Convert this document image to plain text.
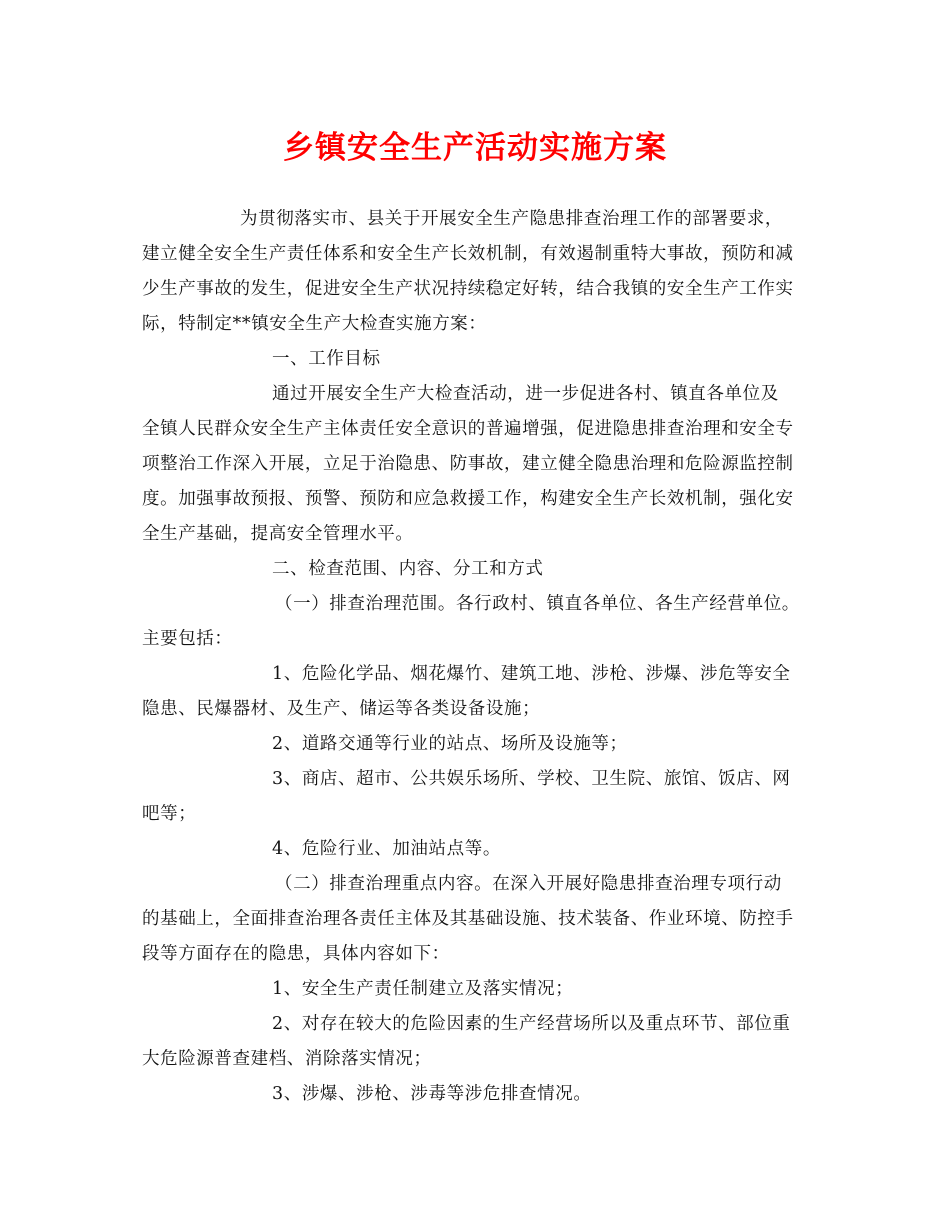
乡镇安全生产活动实施方案
为贯彻落实市、县关于开展安全生产隐患排查治理工作的部署要求，
建立健全安全生产责任体系和安全生产长效机制，有效遏制重特大事故，预防和减
少生产事故的发生，促进安全生产状况持续稳定好转，结合我镇的安全生产工作实
际，特制定**镇安全生产大检查实施方案：
一、工作目标
通过开展安全生产大检查活动，进一步促进各村、镇直各单位及
全镇人民群众安全生产主体责任安全意识的普遍增强，促进隐患排查治理和安全专
项整治工作深入开展，立足于治隐患、防事故，建立健全隐患治理和危险源监控制
度。加强事故预报、预警、预防和应急救援工作，构建安全生产长效机制，强化安
全生产基础，提高安全管理水平。
二、检查范围、内容、分工和方式
（一）排查治理范围。各行政村、镇直各单位、各生产经营单位。
主要包括：
1、危险化学品、烟花爆竹、建筑工地、涉枪、涉爆、涉危等安全
隐患、民爆器材、及生产、储运等各类设备设施；
2、道路交通等行业的站点、场所及设施等；
3、商店、超市、公共娱乐场所、学校、卫生院、旅馆、饭店、网
吧等；
4、危险行业、加油站点等。
（二）排查治理重点内容。在深入开展好隐患排查治理专项行动
的基础上，全面排查治理各责任主体及其基础设施、技术装备、作业环境、防控手
段等方面存在的隐患，具体内容如下：
1、安全生产责任制建立及落实情况；
2、对存在较大的危险因素的生产经营场所以及重点环节、部位重
大危险源普查建档、消除落实情况；
3、涉爆、涉枪、涉毒等涉危排查情况。
